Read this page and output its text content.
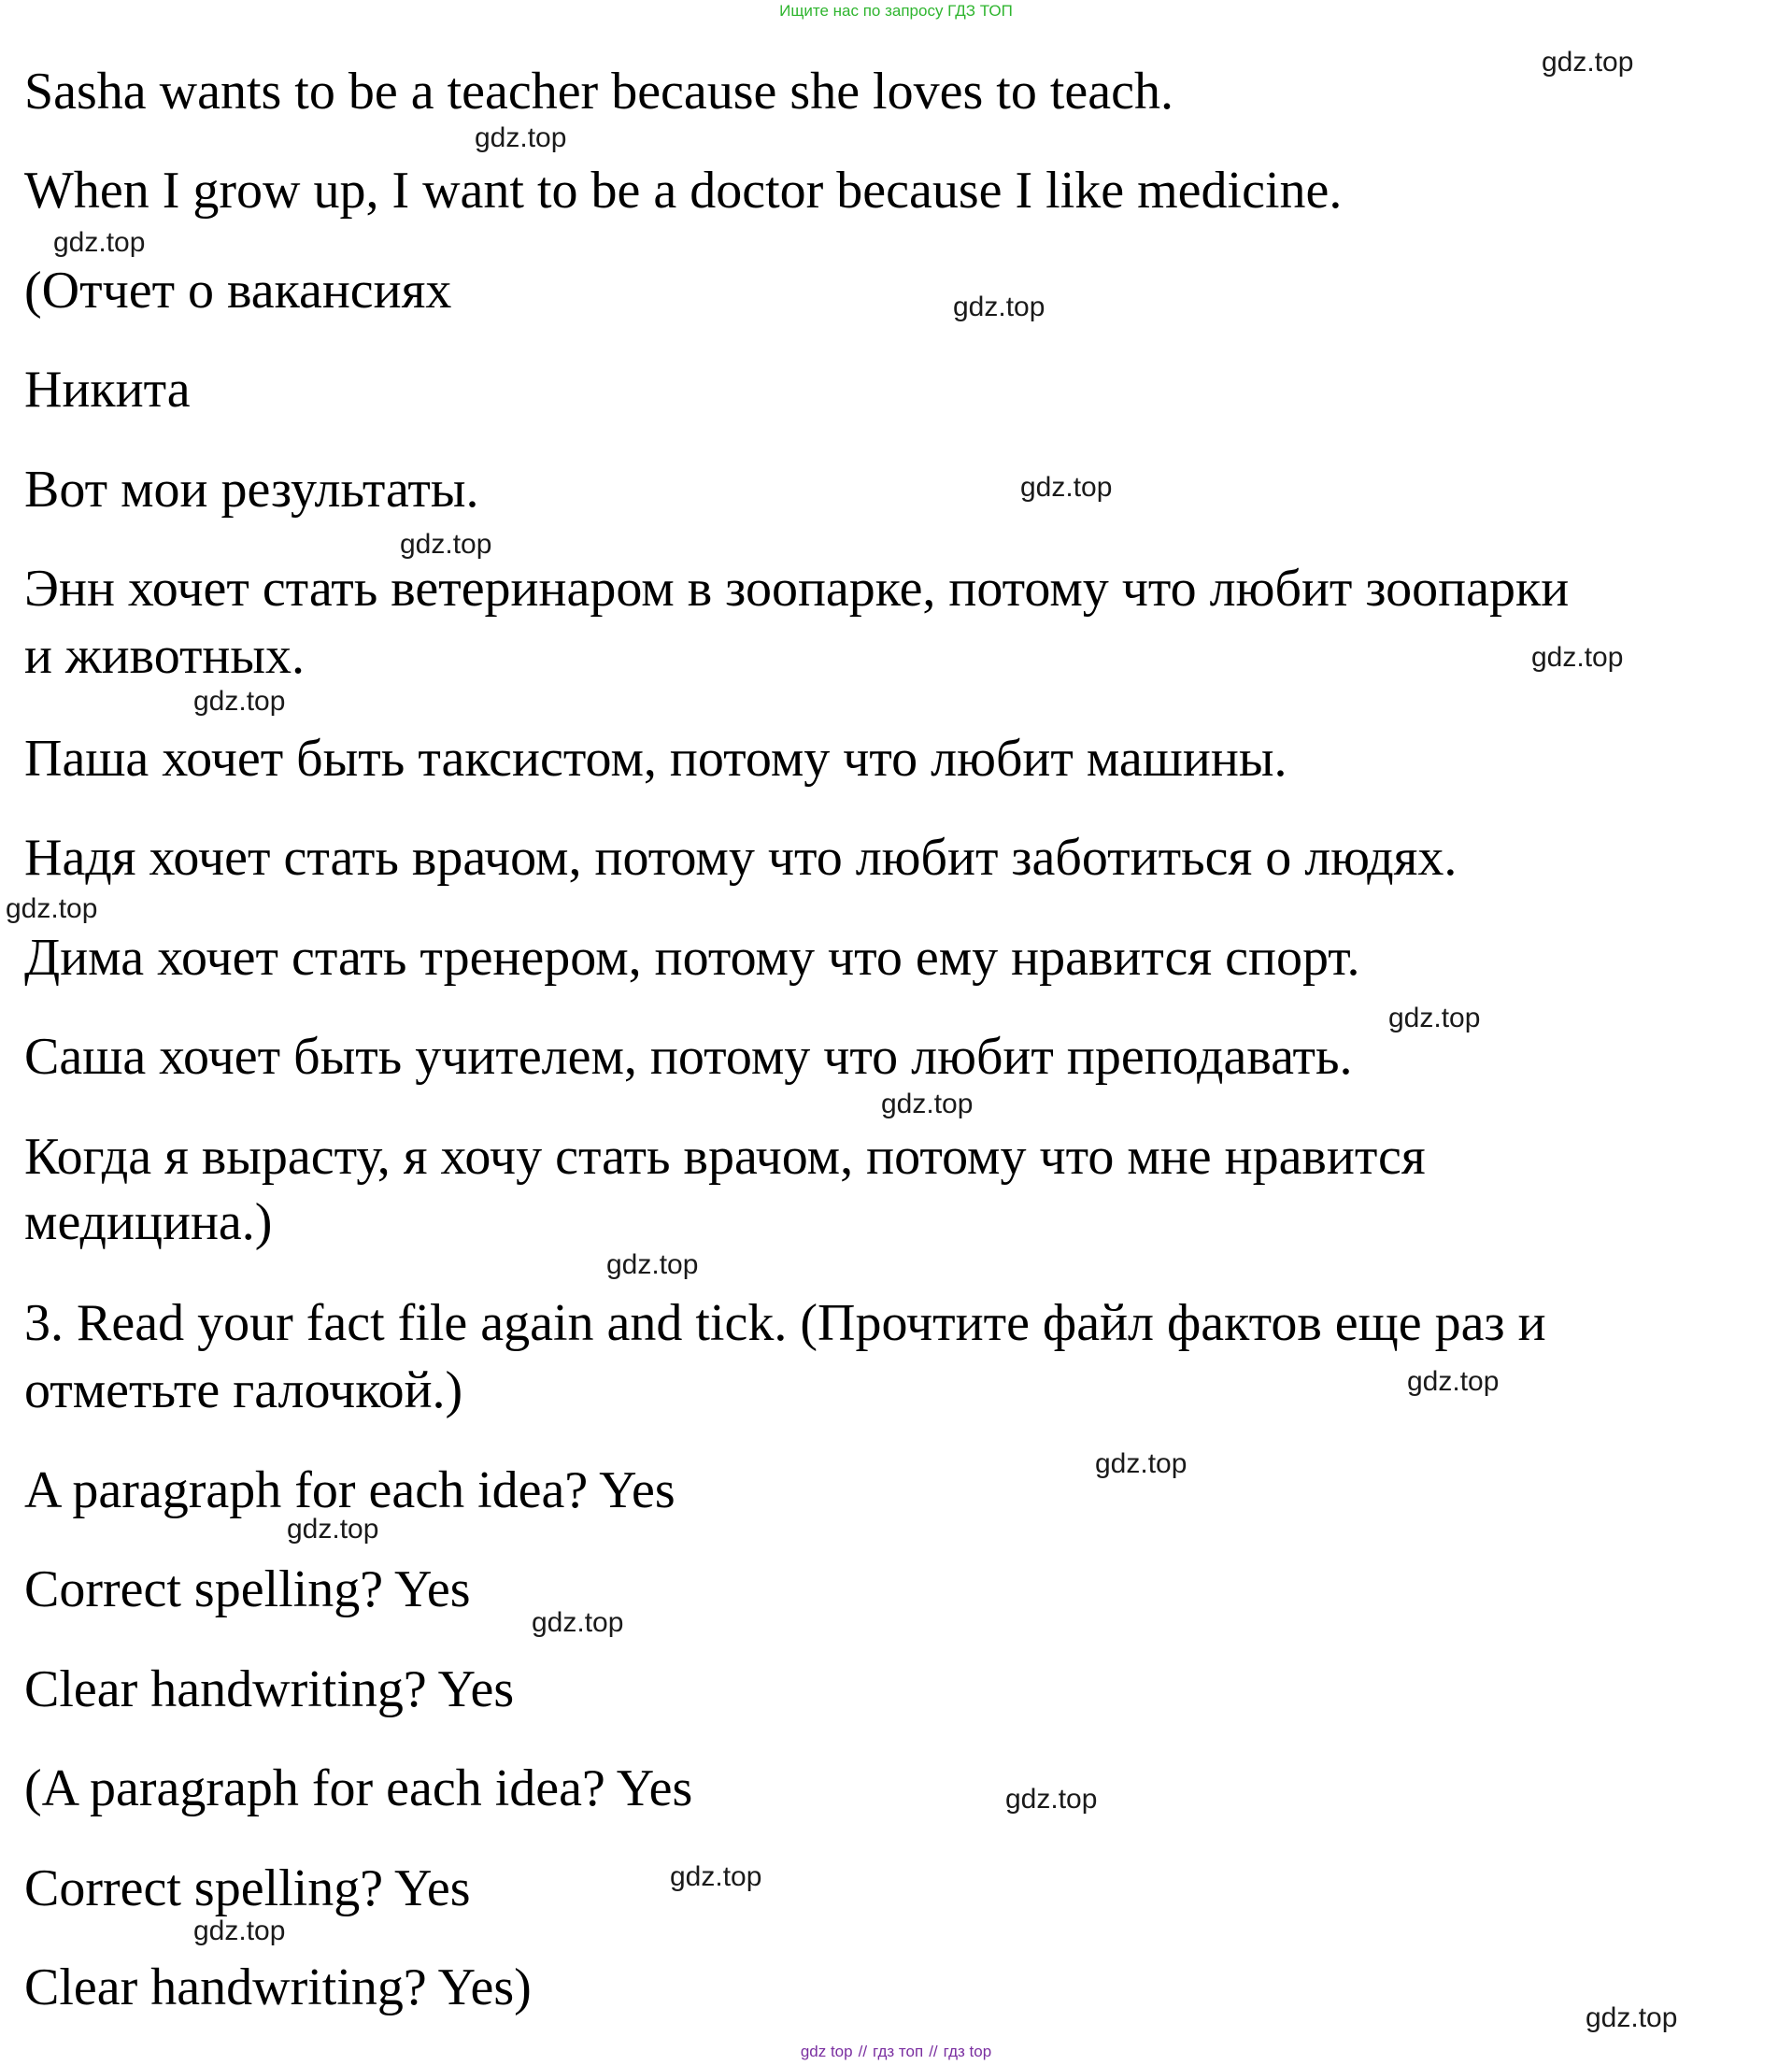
Ищите нас по запросу ГДЗ ТОП
Sasha wants to be a teacher because she loves to teach.
When I grow up, I want to be a doctor because I like medicine.
(Отчет о вакансиях
Никита
Вот мои результаты.
Энн хочет стать ветеринаром в зоопарке, потому что любит зоопарки
и животных.
Паша хочет быть таксистом, потому что любит машины.
Надя хочет стать врачом, потому что любит заботиться о людях.
Дима хочет стать тренером, потому что ему нравится спорт.
Саша хочет быть учителем, потому что любит преподавать.
Когда я вырасту, я хочу стать врачом, потому что мне нравится
медицина.)
3. Read your fact file again and tick. (Прочтите файл фактов еще раз и
отметьте галочкой.)
A paragraph for each idea? Yes
Correct spelling? Yes
Clear handwriting? Yes
(A paragraph for each idea? Yes
Correct spelling? Yes
Clear handwriting? Yes)
gdz.top
gdz.top
gdz.top
gdz.top
gdz.top
gdz.top
gdz.top
gdz.top
gdz.top
gdz.top
gdz.top
gdz.top
gdz.top
gdz.top
gdz.top
gdz.top
gdz.top
gdz.top
gdz.top
gdz.top
gdz top // гдз топ // гдз top
